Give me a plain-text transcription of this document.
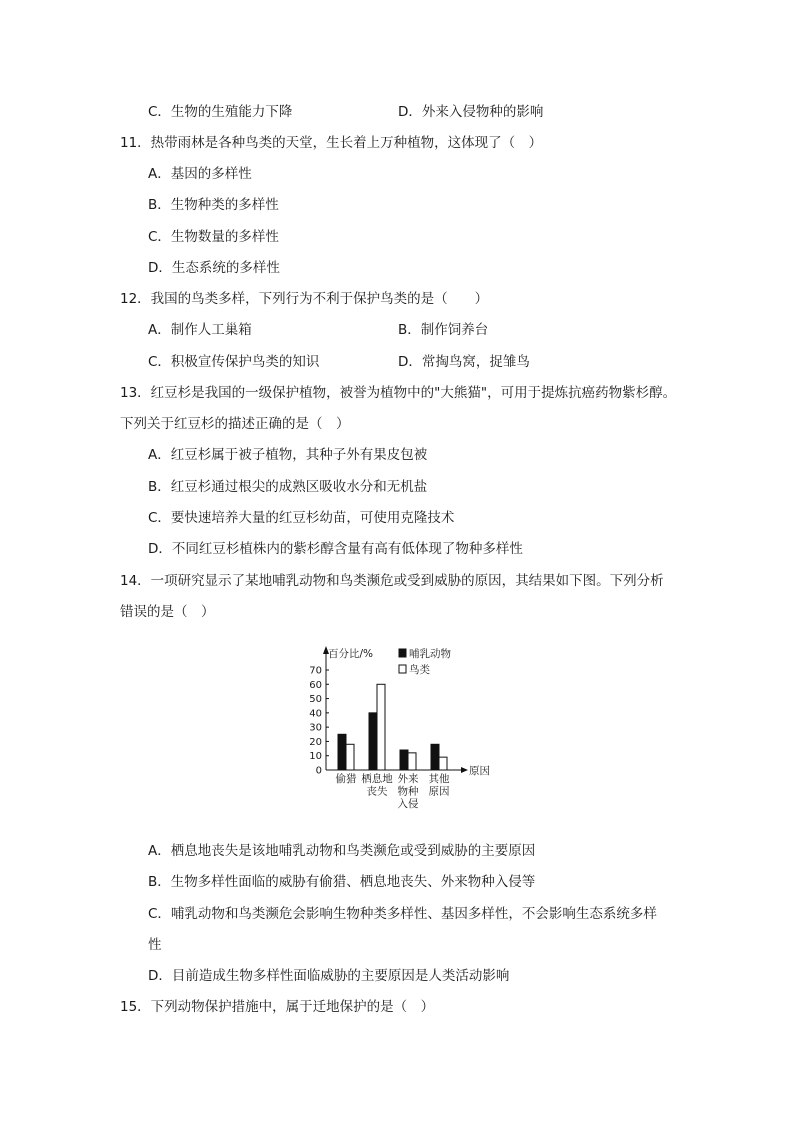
C．生物的生殖能力下降	D．外来入侵物种的影响
11．热带雨林是各种鸟类的天堂，生长着上万种植物，这体现了（　）
A．基因的多样性
B．生物种类的多样性
C．生物数量的多样性
D．生态系统的多样性
12．我国的鸟类多样，下列行为不利于保护鸟类的是（　　）
A．制作人工巢箱	B．制作饲养台
C．积极宣传保护鸟类的知识	D．常掏鸟窝，捉雏鸟
13．红豆杉是我国的一级保护植物，被誉为植物中的"大熊猫"，可用于提炼抗癌药物紫杉醇。
下列关于红豆杉的描述正确的是（　）
A．红豆杉属于被子植物，其种子外有果皮包被
B．红豆杉通过根尖的成熟区吸收水分和无机盐
C．要快速培养大量的红豆杉幼苗，可使用克隆技术
D．不同红豆杉植株内的紫杉醇含量有高有低体现了物种多样性
14．一项研究显示了某地哺乳动物和鸟类濒危或受到威胁的原因，其结果如下图。下列分析
错误的是（　）
百分比/%
原因
0
10
20
30
40
50
60
70
偷猎 栖息地
丧失
外来
物种
入侵
其他
原因
哺乳动物
鸟类
A．栖息地丧失是该地哺乳动物和鸟类濒危或受到威胁的主要原因
B．生物多样性面临的威胁有偷猎、栖息地丧失、外来物种入侵等
C．哺乳动物和鸟类濒危会影响生物种类多样性、基因多样性，不会影响生态系统多样
性
D．目前造成生物多样性面临威胁的主要原因是人类活动影响
15．下列动物保护措施中，属于迁地保护的是（　）
